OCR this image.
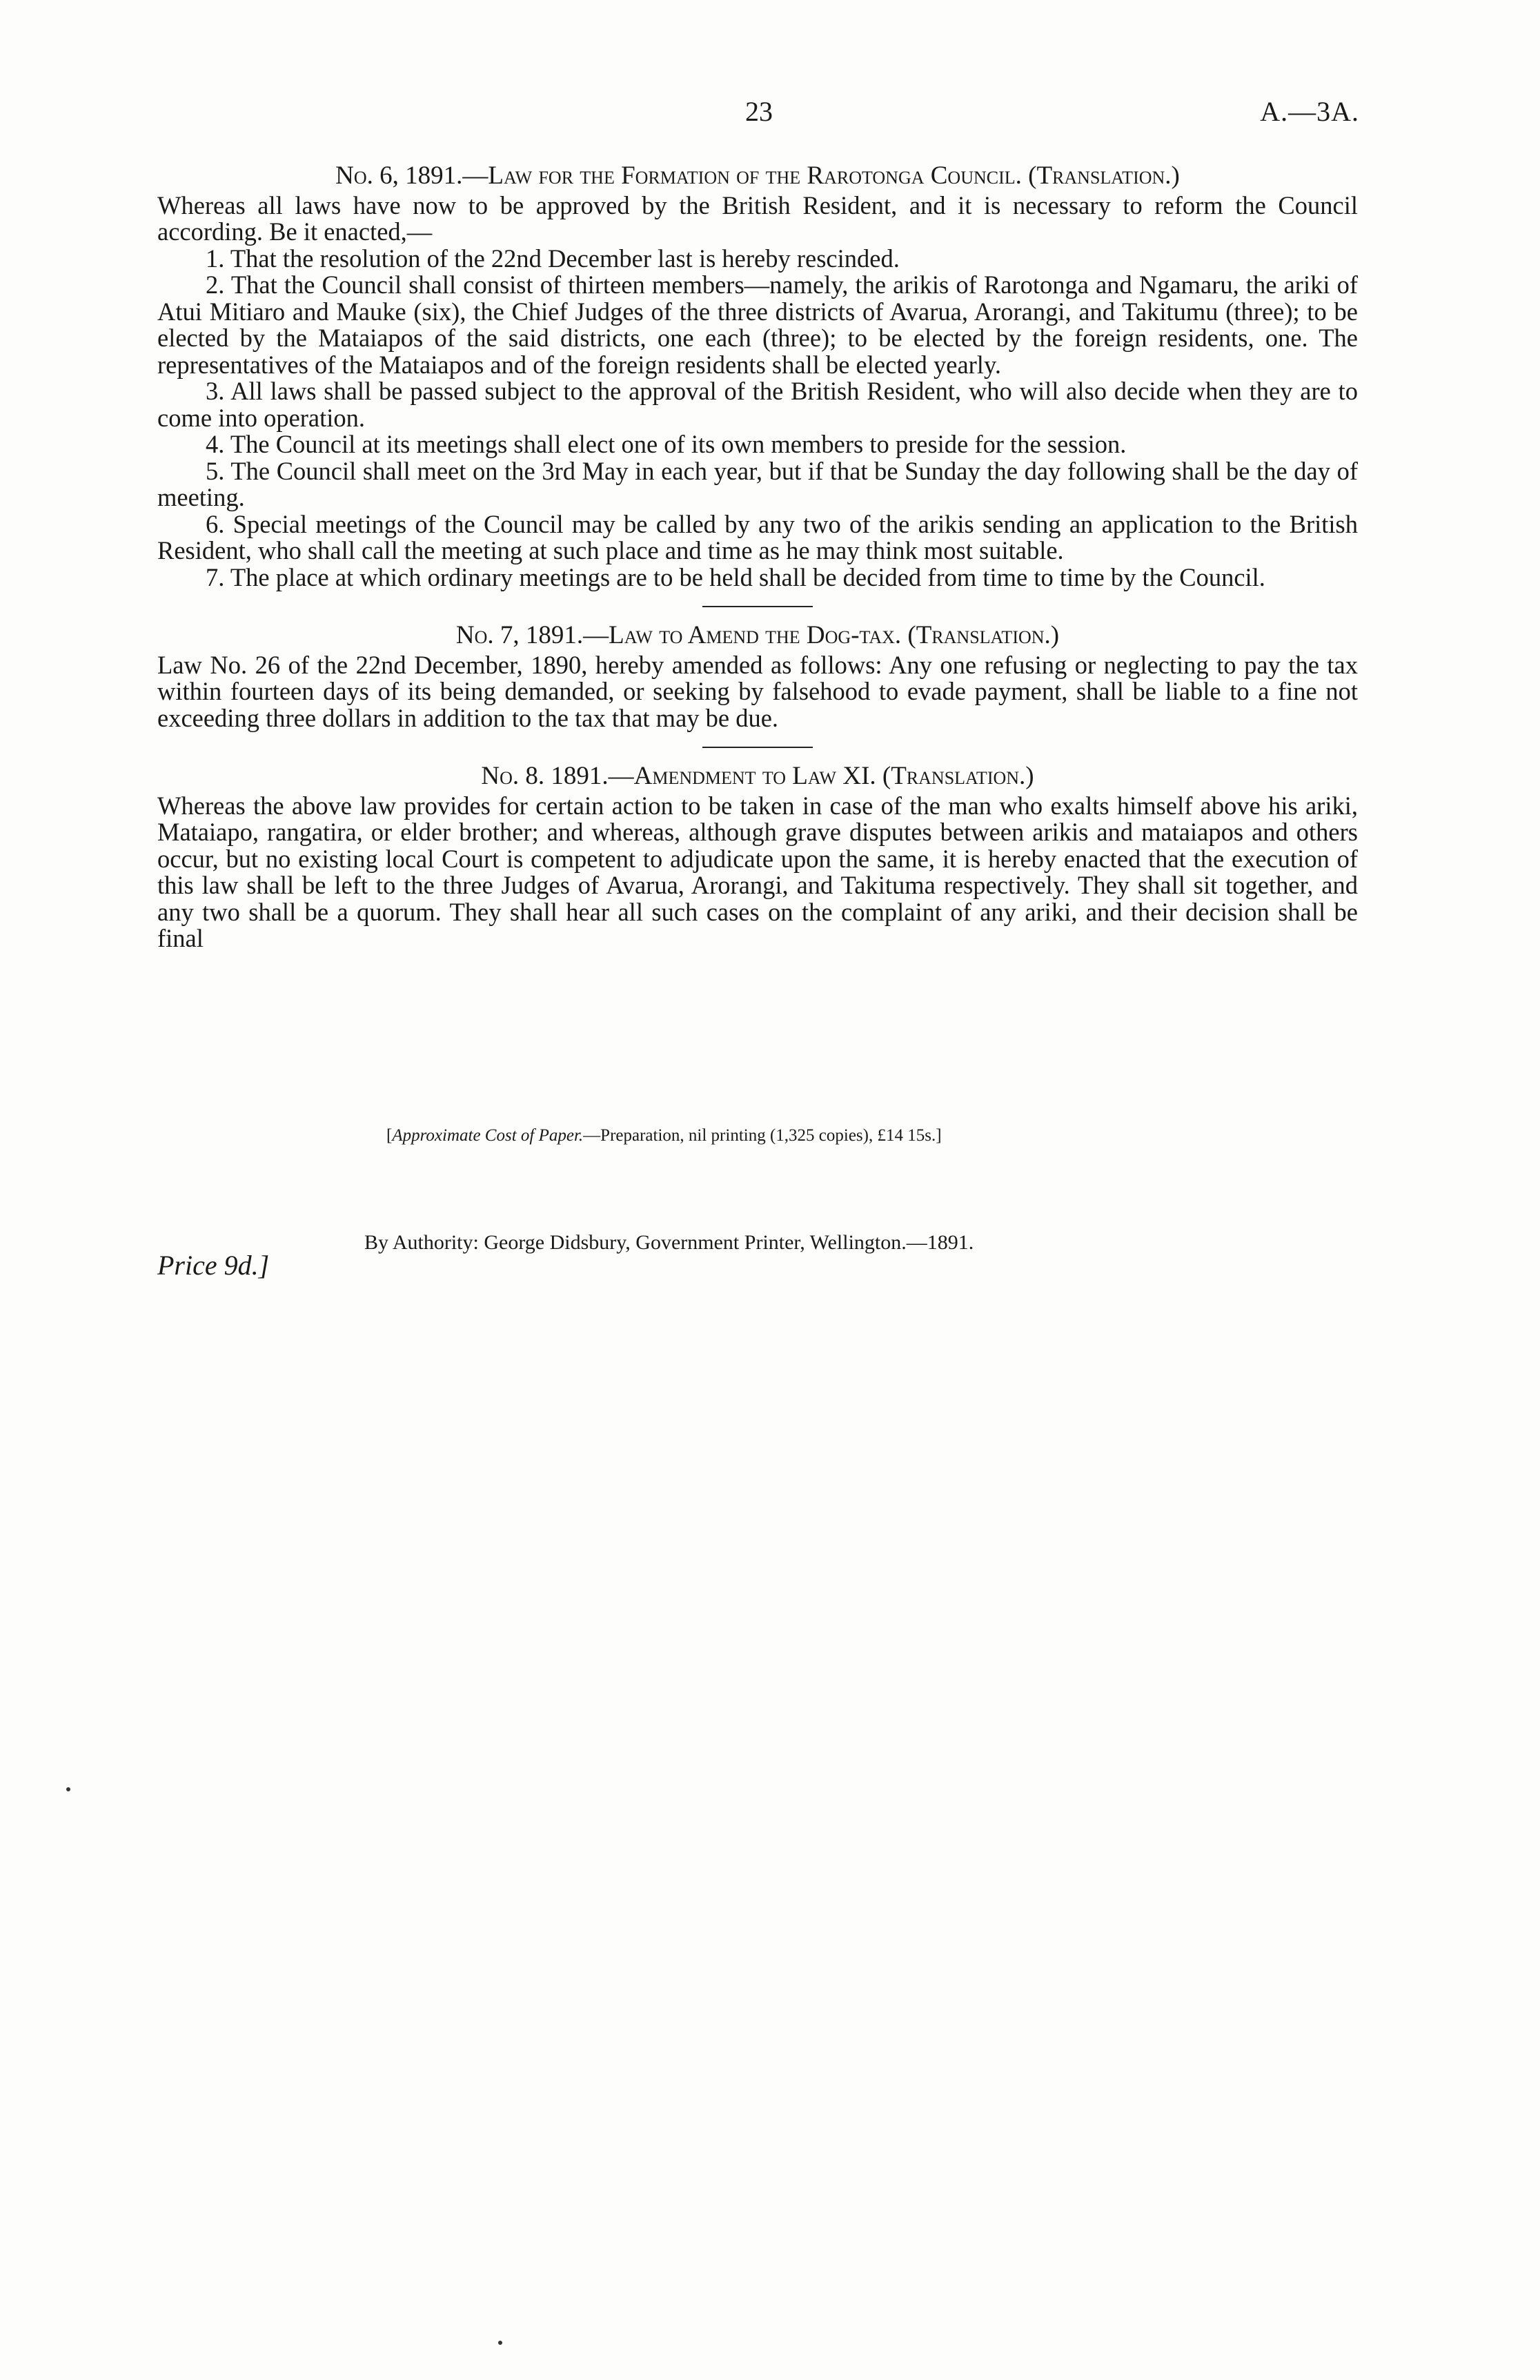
23	A.—3A.
No. 6, 1891.—Law for the Formation of the Rarotonga Council. (Translation.)

Whereas all laws have now to be approved by the British Resident, and it is necessary to reform the Council according. Be it enacted,—

1. That the resolution of the 22nd December last is hereby rescinded.

2. That the Council shall consist of thirteen members—namely, the arikis of Rarotonga and Ngamaru, the ariki of Atui Mitiaro and Mauke (six), the Chief Judges of the three districts of Avarua, Arorangi, and Takitumu (three); to be elected by the Mataiapos of the said districts, one each (three); to be elected by the foreign residents, one. The representatives of the Mataiapos and of the foreign residents shall be elected yearly.

3. All laws shall be passed subject to the approval of the British Resident, who will also decide when they are to come into operation.

4. The Council at its meetings shall elect one of its own members to preside for the session.

5. The Council shall meet on the 3rd May in each year, but if that be Sunday the day following shall be the day of meeting.

6. Special meetings of the Council may be called by any two of the arikis sending an application to the British Resident, who shall call the meeting at such place and time as he may think most suitable.

7. The place at which ordinary meetings are to be held shall be decided from time to time by the Council.

No. 7, 1891.—Law to Amend the Dog-tax. (Translation.)

Law No. 26 of the 22nd December, 1890, hereby amended as follows: Any one refusing or neglecting to pay the tax within fourteen days of its being demanded, or seeking by falsehood to evade payment, shall be liable to a fine not exceeding three dollars in addition to the tax that may be due.

No. 8. 1891.—Amendment to Law XI. (Translation.)

Whereas the above law provides for certain action to be taken in case of the man who exalts himself above his ariki, Mataiapo, rangatira, or elder brother; and whereas, although grave disputes between arikis and mataiapos and others occur, but no existing local Court is competent to adjudicate upon the same, it is hereby enacted that the execution of this law shall be left to the three Judges of Avarua, Arorangi, and Takituma respectively. They shall sit together, and any two shall be a quorum. They shall hear all such cases on the complaint of any ariki, and their decision shall be final

[Approximate Cost of Paper.—Preparation, nil printing (1,325 copies), £14 15s.]
Price 9d.]
By Authority: George Didsbury, Government Printer, Wellington.—1891.
